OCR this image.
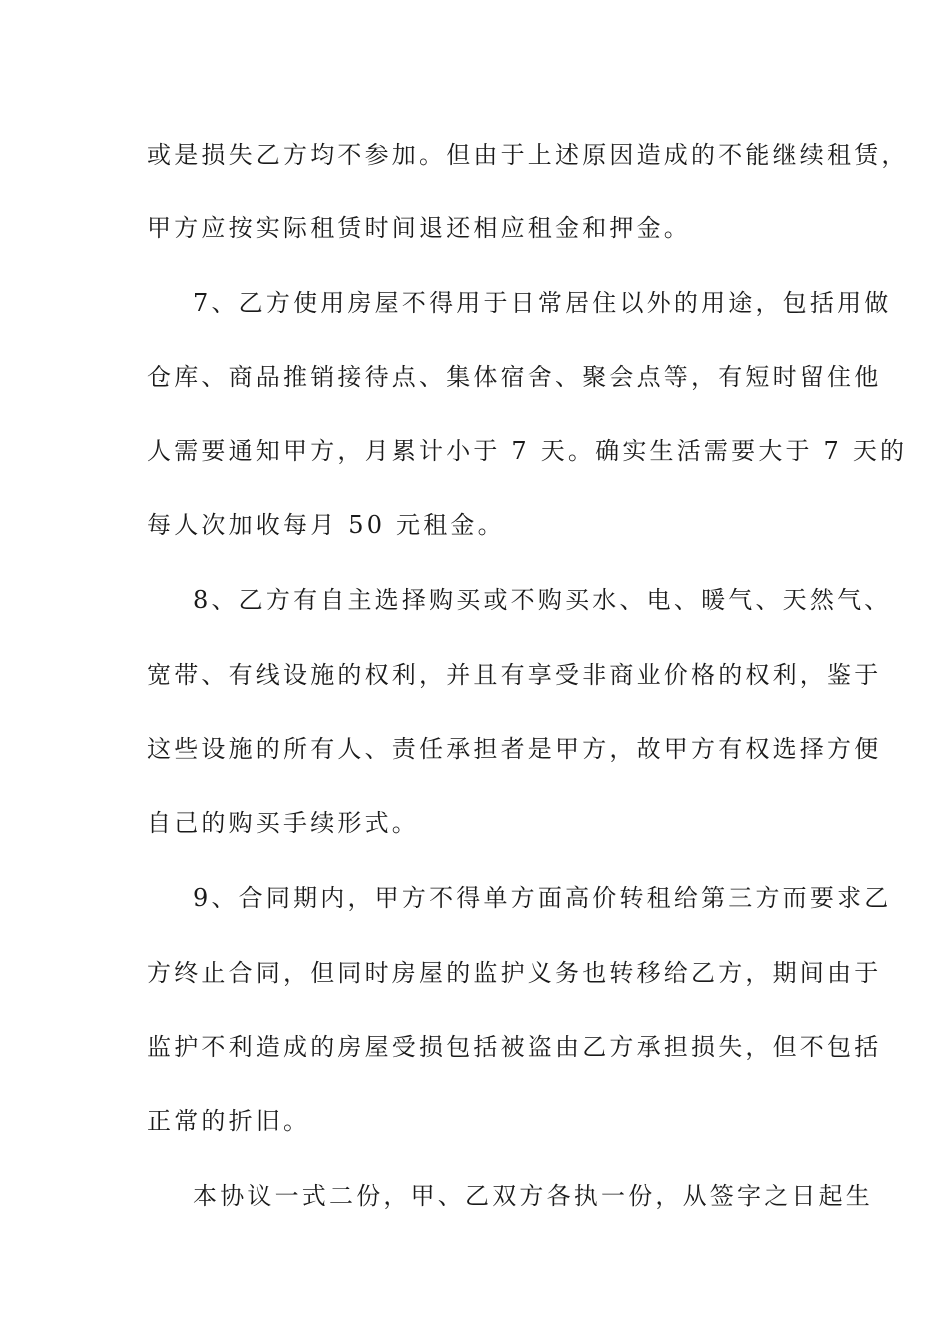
或是损失乙方均不参加。但由于上述原因造成的不能继续租赁，
甲方应按实际租赁时间退还相应租金和押金。
7、乙方使用房屋不得用于日常居住以外的用途，包括用做
仓库、商品推销接待点、集体宿舍、聚会点等，有短时留住他
人需要通知甲方，月累计小于 7 天。确实生活需要大于 7 天的
每人次加收每月 50 元租金。
8、乙方有自主选择购买或不购买水、电、暖气、天然气、
宽带、有线设施的权利，并且有享受非商业价格的权利，鉴于
这些设施的所有人、责任承担者是甲方，故甲方有权选择方便
自己的购买手续形式。
9、合同期内，甲方不得单方面高价转租给第三方而要求乙
方终止合同，但同时房屋的监护义务也转移给乙方，期间由于
监护不利造成的房屋受损包括被盗由乙方承担损失，但不包括
正常的折旧。
本协议一式二份，甲、乙双方各执一份，从签字之日起生
